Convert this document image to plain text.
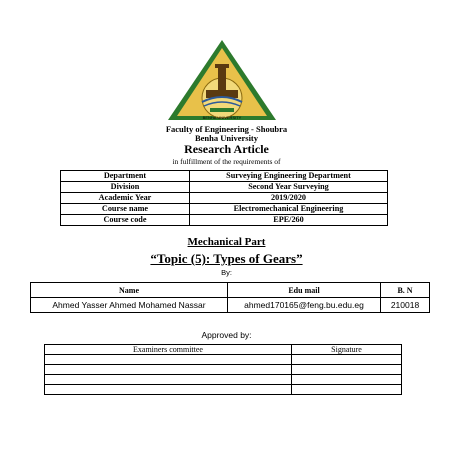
BENHA UNIVERSITY
Faculty of Engineering - Shoubra
Benha University
Research Article
in fulfillment of the requirements of
Department	Surveying Engineering Department
Division	Second Year Surveying
Academic Year	2019/2020
Course name	Electromechanical Engineering
Course code	EPE/260
Mechanical Part
“Topic (5): Types of Gears”
By:
Name	Edu mail	B. N
Ahmed Yasser Ahmed Mohamed Nassar	ahmed170165@feng.bu.edu.eg	210018
Approved by:
Examiners committee	Signature
